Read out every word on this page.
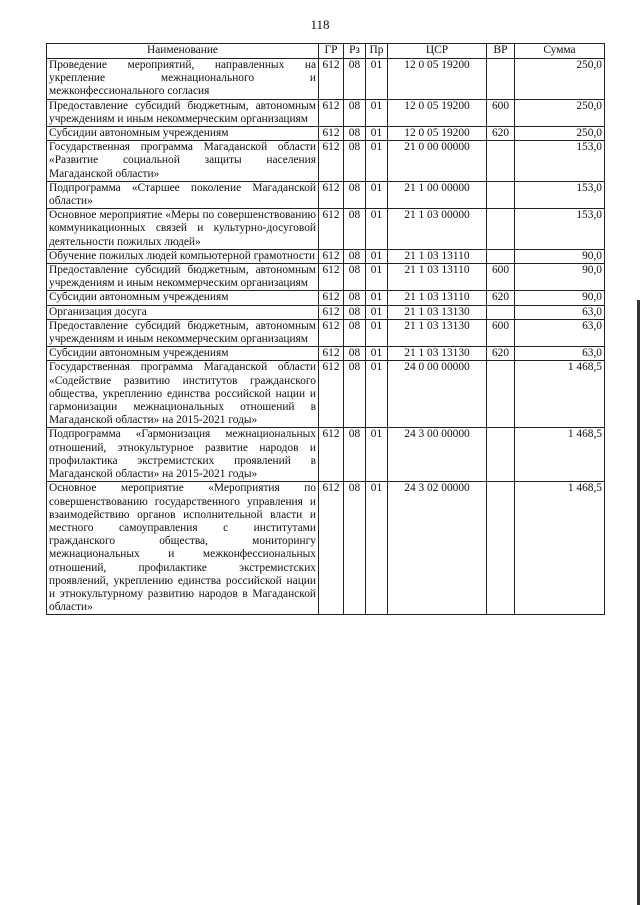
118
Наименование	ГР	Рз	Пр	ЦСР	ВР	Сумма
Проведение мероприятий, направленных на укрепление межнационального и межконфессионального согласия	612	08	01	12 0 05 19200		250,0
Предоставление субсидий бюджетным, автономным учреждениям и иным некоммерческим организациям	612	08	01	12 0 05 19200	600	250,0
Субсидии автономным учреждениям	612	08	01	12 0 05 19200	620	250,0
Государственная программа Магаданской области «Развитие социальной защиты населения Магаданской области»	612	08	01	21 0 00 00000		153,0
Подпрограмма «Старшее поколение Магаданской области»	612	08	01	21 1 00 00000		153,0
Основное мероприятие «Меры по совершенствованию коммуникационных связей и культурно-досуговой деятельности пожилых людей»	612	08	01	21 1 03 00000		153,0
Обучение пожилых людей компьютерной грамотности	612	08	01	21 1 03 13110		90,0
Предоставление субсидий бюджетным, автономным учреждениям и иным некоммерческим организациям	612	08	01	21 1 03 13110	600	90,0
Субсидии автономным учреждениям	612	08	01	21 1 03 13110	620	90,0
Организация досуга	612	08	01	21 1 03 13130		63,0
Предоставление субсидий бюджетным, автономным учреждениям и иным некоммерческим организациям	612	08	01	21 1 03 13130	600	63,0
Субсидии автономным учреждениям	612	08	01	21 1 03 13130	620	63,0
Государственная программа Магаданской области «Содействие развитию институтов гражданского общества, укреплению единства российской нации и гармонизации межнациональных отношений в Магаданской области» на 2015-2021 годы»	612	08	01	24 0 00 00000		1 468,5
Подпрограмма «Гармонизация межнациональных отношений, этнокультурное развитие народов и профилактика экстремистских проявлений в Магаданской области» на 2015-2021 годы»	612	08	01	24 3 00 00000		1 468,5
Основное мероприятие «Мероприятия по совершенствованию государственного управления и взаимодействию органов исполнительной власти и местного самоуправления с институтами гражданского общества, мониторингу межнациональных и межконфессиональных отношений, профилактике экстремистских проявлений, укреплению единства российской нации и этнокультурному развитию народов в Магаданской области»	612	08	01	24 3 02 00000		1 468,5
